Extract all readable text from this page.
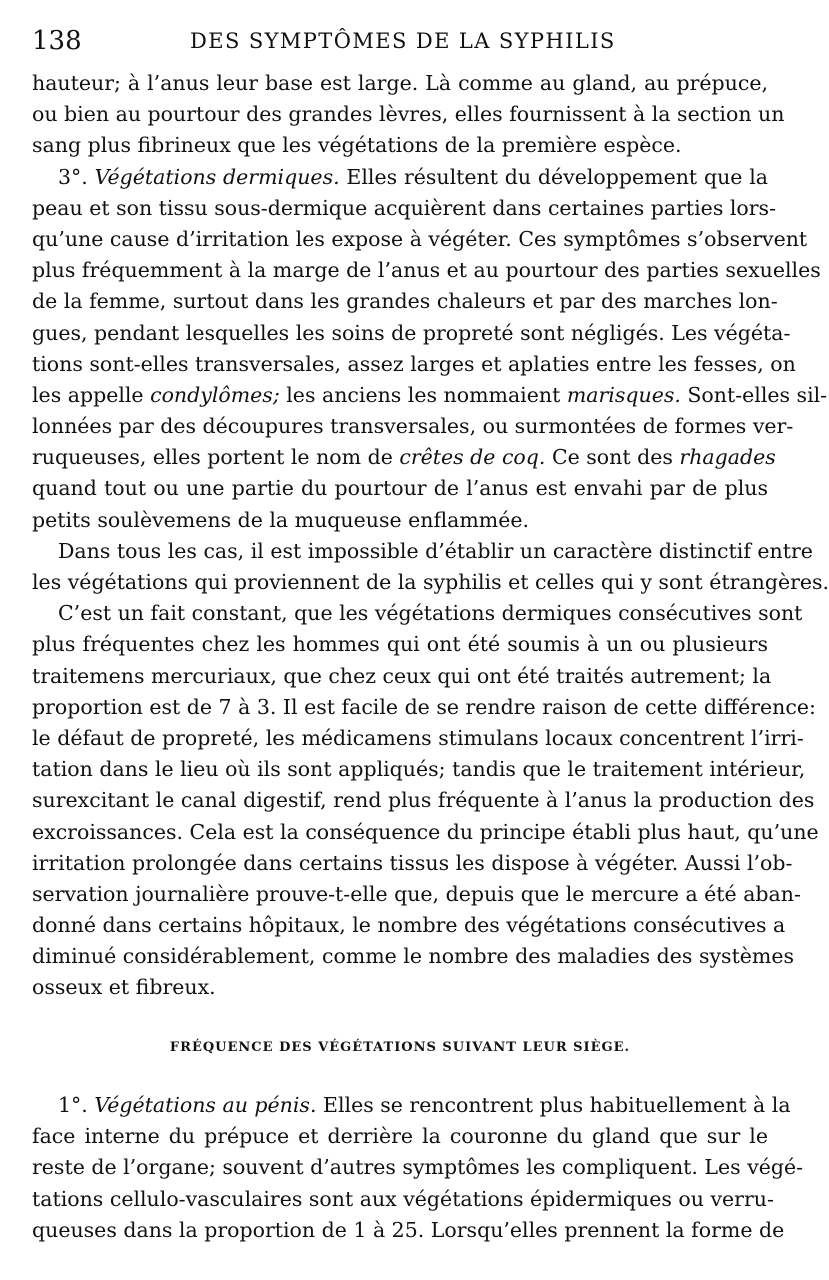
138	DES SYMPTÔMES DE LA SYPHILIS
hauteur; à l’anus leur base est large. Là comme au gland, au prépuce,
ou bien au pourtour des grandes lèvres, elles fournissent à la section un
sang plus fibrineux que les végétations de la première espèce.
3°. Végétations dermiques. Elles résultent du développement que la
peau et son tissu sous-dermique acquièrent dans certaines parties lors-
qu’une cause d’irritation les expose à végéter. Ces symptômes s’observent
plus fréquemment à la marge de l’anus et au pourtour des parties sexuelles
de la femme, surtout dans les grandes chaleurs et par des marches lon-
gues, pendant lesquelles les soins de propreté sont négligés. Les végéta-
tions sont-elles transversales, assez larges et aplaties entre les fesses, on
les appelle condylômes; les anciens les nommaient marisques. Sont-elles sil-
lonnées par des découpures transversales, ou surmontées de formes ver-
ruqueuses, elles portent le nom de crêtes de coq. Ce sont des rhagades
quand tout ou une partie du pourtour de l’anus est envahi par de plus
petits soulèvemens de la muqueuse enflammée.
Dans tous les cas, il est impossible d’établir un caractère distinctif entre
les végétations qui proviennent de la syphilis et celles qui y sont étrangères.
C’est un fait constant, que les végétations dermiques consécutives sont
plus fréquentes chez les hommes qui ont été soumis à un ou plusieurs
traitemens mercuriaux, que chez ceux qui ont été traités autrement; la
proportion est de 7 à 3. Il est facile de se rendre raison de cette différence:
le défaut de propreté, les médicamens stimulans locaux concentrent l’irri-
tation dans le lieu où ils sont appliqués; tandis que le traitement intérieur,
surexcitant le canal digestif, rend plus fréquente à l’anus la production des
excroissances. Cela est la conséquence du principe établi plus haut, qu’une
irritation prolongée dans certains tissus les dispose à végéter. Aussi l’ob-
servation journalière prouve-t-elle que, depuis que le mercure a été aban-
donné dans certains hôpitaux, le nombre des végétations consécutives a
diminué considérablement, comme le nombre des maladies des systèmes
osseux et fibreux.
FRÉQUENCE DES VÉGÉTATIONS SUIVANT LEUR SIÈGE.
1°. Végétations au pénis. Elles se rencontrent plus habituellement à la
face interne du prépuce et derrière la couronne du gland que sur le
reste de l’organe; souvent d’autres symptômes les compliquent. Les végé-
tations cellulo-vasculaires sont aux végétations épidermiques ou verru-
queuses dans la proportion de 1 à 25. Lorsqu’elles prennent la forme de
